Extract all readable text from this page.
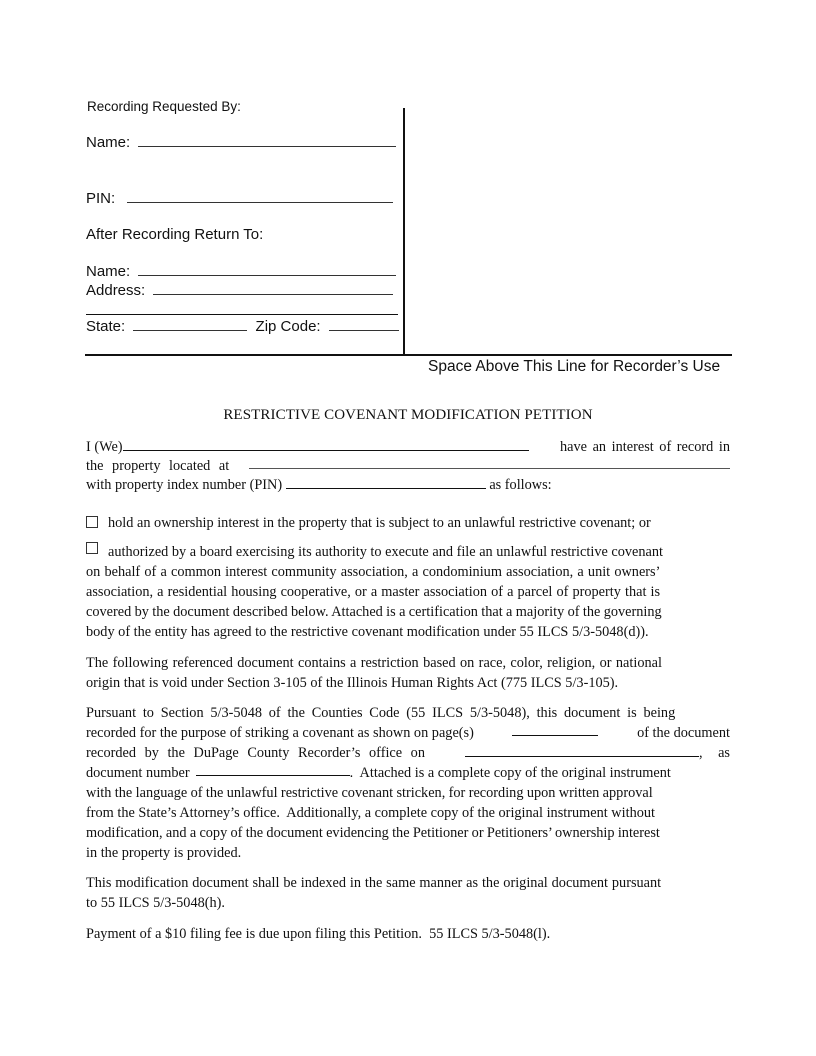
Recording Requested By:
Name:
PIN:
After Recording Return To:
Name:
Address:
State:	Zip Code:
Space Above This Line for Recorder’s Use
RESTRICTIVE COVENANT MODIFICATION PETITION
I (We)	have an interest of record in
the property located at
with property index number (PIN)	as follows:
hold an ownership interest in the property that is subject to an unlawful restrictive covenant; or
authorized by a board exercising its authority to execute and file an unlawful restrictive covenant
on behalf of a common interest community association, a condominium association, a unit owners’
association, a residential housing cooperative, or a master association of a parcel of property that is
covered by the document described below. Attached is a certification that a majority of the governing
body of the entity has agreed to the restrictive covenant modification under 55 ILCS 5/3-5048(d)).
The following referenced document contains a restriction based on race, color, religion, or national
origin that is void under Section 3-105 of the Illinois Human Rights Act (775 ILCS 5/3-105).
Pursuant to Section 5/3-5048 of the Counties Code (55 ILCS 5/3-5048), this document is being
recorded for the purpose of striking a covenant as shown on page(s)	of the document
recorded by the DuPage County Recorder’s office on	, as
document number	.  Attached is a complete copy of the original instrument
with the language of the unlawful restrictive covenant stricken, for recording upon written approval
from the State’s Attorney’s office.  Additionally, a complete copy of the original instrument without
modification, and a copy of the document evidencing the Petitioner or Petitioners’ ownership interest
in the property is provided.
This modification document shall be indexed in the same manner as the original document pursuant
to 55 ILCS 5/3-5048(h).
Payment of a $10 filing fee is due upon filing this Petition.  55 ILCS 5/3-5048(l).
